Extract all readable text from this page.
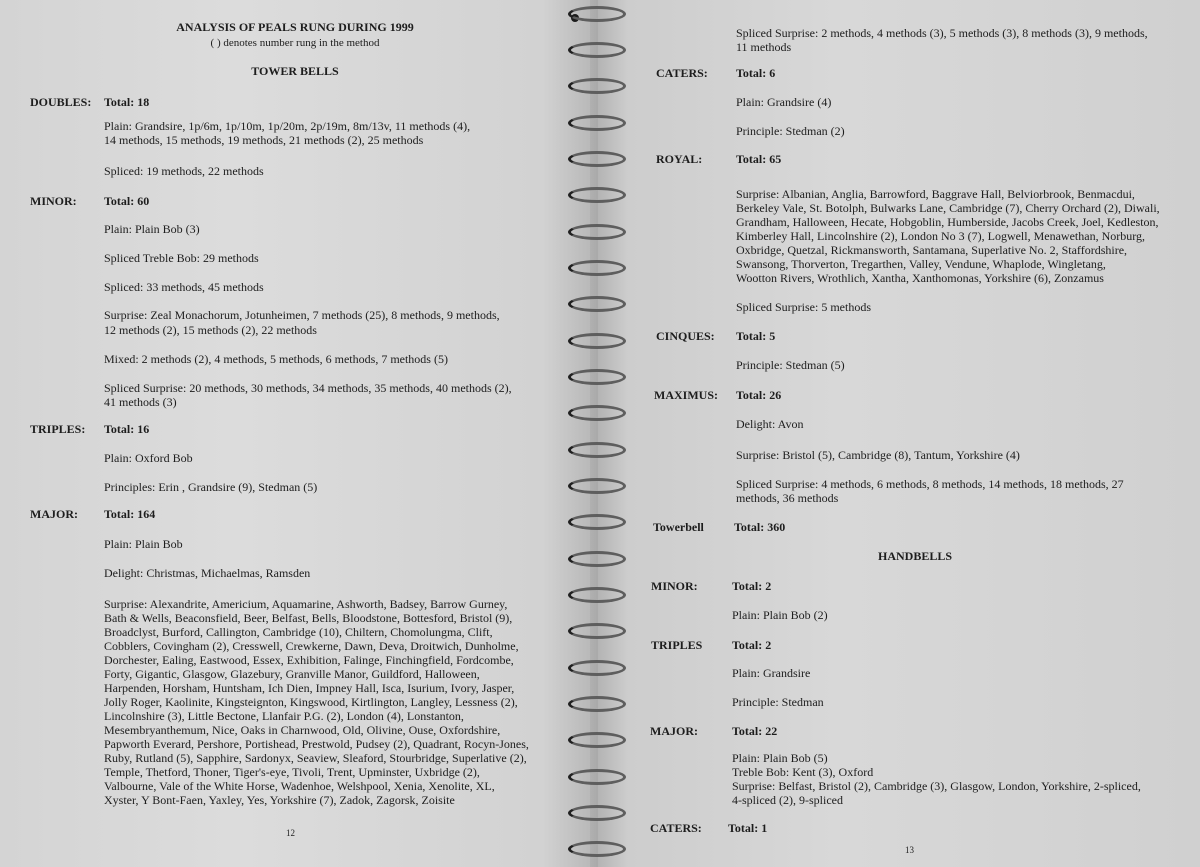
ANALYSIS OF PEALS RUNG DURING 1999
( ) denotes number rung in the method
TOWER BELLS
DOUBLES: Total: 18
Plain: Grandsire, 1p/6m, 1p/10m, 1p/20m, 2p/19m, 8m/13v, 11 methods (4),
14 methods, 15 methods, 19 methods, 21 methods (2), 25 methods
Spliced: 19 methods, 22 methods
MINOR: Total: 60
Plain: Plain Bob (3)
Spliced Treble Bob: 29 methods
Spliced: 33 methods, 45 methods
Surprise: Zeal Monachorum, Jotunheimen, 7 methods (25), 8 methods, 9 methods,
12 methods (2), 15 methods (2), 22 methods
Mixed: 2 methods (2), 4 methods, 5 methods, 6 methods, 7 methods (5)
Spliced Surprise: 20 methods, 30 methods, 34 methods, 35 methods, 40 methods (2),
41 methods (3)
TRIPLES: Total: 16
Plain: Oxford Bob
Principles: Erin , Grandsire (9), Stedman (5)
MAJOR: Total: 164
Plain: Plain Bob
Delight: Christmas, Michaelmas, Ramsden
Surprise: Alexandrite, Americium, Aquamarine, Ashworth, Badsey, Barrow Gurney,
Bath & Wells, Beaconsfield, Beer, Belfast, Bells, Bloodstone, Bottesford, Bristol (9),
Broadclyst, Burford, Callington, Cambridge (10), Chiltern, Chomolungma, Clift,
Cobblers, Covingham (2), Cresswell, Crewkerne, Dawn, Deva, Droitwich, Dunholme,
Dorchester, Ealing, Eastwood, Essex, Exhibition, Falinge, Finchingfield, Fordcombe,
Forty, Gigantic, Glasgow, Glazebury, Granville Manor, Guildford, Halloween,
Harpenden, Horsham, Huntsham, Ich Dien, Impney Hall, Isca, Isurium, Ivory, Jasper,
Jolly Roger, Kaolinite, Kingsteignton, Kingswood, Kirtlington, Langley, Lessness (2),
Lincolnshire (3), Little Bectone, Llanfair P.G. (2), London (4), Lonstanton,
Mesembryanthemum, Nice, Oaks in Charnwood, Old, Olivine, Ouse, Oxfordshire,
Papworth Everard, Pershore, Portishead, Prestwold, Pudsey (2), Quadrant, Rocyn-Jones,
Ruby, Rutland (5), Sapphire, Sardonyx, Seaview, Sleaford, Stourbridge, Superlative (2),
Temple, Thetford, Thoner, Tiger's-eye, Tivoli, Trent, Upminster, Uxbridge (2),
Valbourne, Vale of the White Horse, Wadenhoe, Welshpool, Xenia, Xenolite, XL,
Xyster, Y Bont-Faen, Yaxley, Yes, Yorkshire (7), Zadok, Zagorsk, Zoisite
12
Spliced Surprise: 2 methods, 4 methods (3), 5 methods (3), 8 methods (3), 9 methods,
11 methods
CATERS: Total: 6
Plain: Grandsire (4)
Principle: Stedman (2)
ROYAL:	Total: 65
Surprise: Albanian, Anglia, Barrowford, Baggrave Hall, Belviorbrook, Benmacdui,
Berkeley Vale, St. Botolph, Bulwarks Lane, Cambridge (7), Cherry Orchard (2), Diwali,
Grandham, Halloween, Hecate, Hobgoblin, Humberside, Jacobs Creek, Joel, Kedleston,
Kimberley Hall, Lincolnshire (2), London No 3 (7), Logwell, Menawethan, Norburg,
Oxbridge, Quetzal, Rickmansworth, Santamana, Superlative No. 2, Staffordshire,
Swansong, Thorverton, Tregarthen, Valley, Vendune, Whaplode, Wingletang,
Wootton Rivers, Wrothlich, Xantha, Xanthomonas, Yorkshire (6), Zonzamus
Spliced Surprise: 5 methods
CINQUES: Total: 5
Principle: Stedman (5)
MAXIMUS: Total: 26
Delight: Avon
Surprise: Bristol (5), Cambridge (8), Tantum, Yorkshire (4)
Spliced Surprise: 4 methods, 6 methods, 8 methods, 14 methods, 18 methods, 27
methods, 36 methods
Towerbell	Total: 360
HANDBELLS
MINOR:	Total: 2
Plain: Plain Bob (2)
TRIPLES Total: 2
Plain: Grandsire
Principle: Stedman
MAJOR:	Total: 22
Plain: Plain Bob (5)
Treble Bob: Kent (3), Oxford
Surprise: Belfast, Bristol (2), Cambridge (3), Glasgow, London, Yorkshire, 2-spliced,
4-spliced (2), 9-spliced
CATERS: Total: 1
13
